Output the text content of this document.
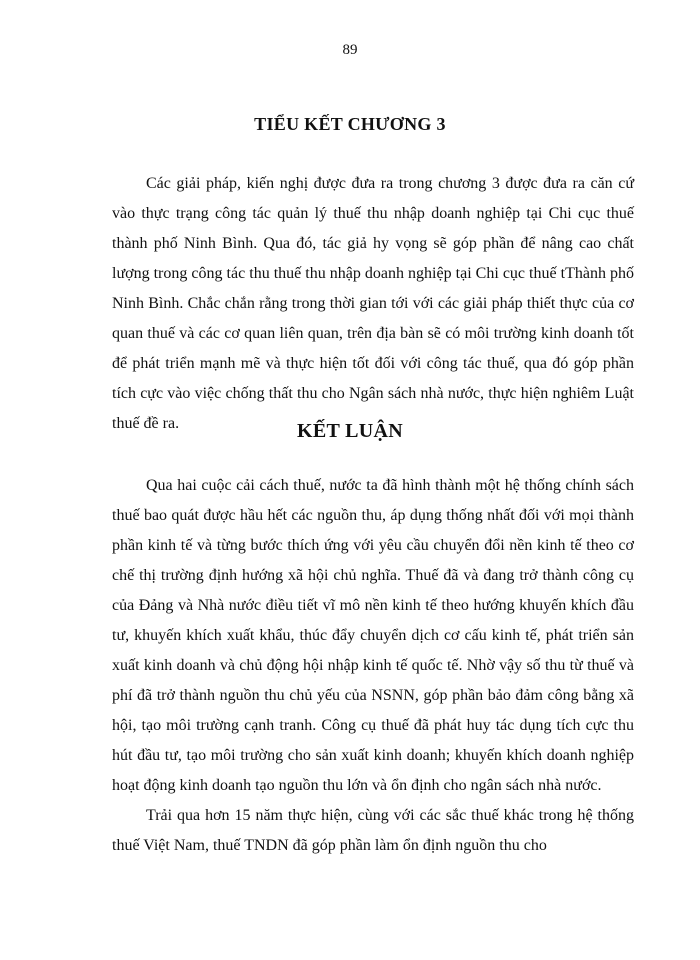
89
TIỂU KẾT CHƯƠNG 3

Các giải pháp, kiến nghị được đưa ra trong chương 3 được đưa ra căn cứ vào thực trạng công tác quản lý thuế thu nhập doanh nghiệp tại Chi cục thuế thành phố Ninh Bình. Qua đó, tác giả hy vọng sẽ góp phần để nâng cao chất lượng trong công tác thu thuế thu nhập doanh nghiệp tại Chi cục thuế tThành phố Ninh Bình. Chắc chắn rằng trong thời gian tới với các giải pháp thiết thực của cơ quan thuế và các cơ quan liên quan, trên địa bàn sẽ có môi trường kinh doanh tốt để phát triển mạnh mẽ và thực hiện tốt đối với công tác thuế, qua đó góp phần tích cực vào việc chống thất thu cho Ngân sách nhà nước, thực hiện nghiêm Luật thuế đề ra.	KẾT LUẬN

Qua hai cuộc cải cách thuế, nước ta đã hình thành một hệ thống chính sách thuế bao quát được hầu hết các nguồn thu, áp dụng thống nhất đối với mọi thành phần kinh tế và từng bước thích ứng với yêu cầu chuyển đổi nền kinh tế theo cơ chế thị trường định hướng xã hội chủ nghĩa. Thuế đã và đang trở thành công cụ của Đảng và Nhà nước điều tiết vĩ mô nền kinh tế theo hướng khuyến khích đầu tư, khuyến khích xuất khẩu, thúc đẩy chuyển dịch cơ cấu kinh tế, phát triển sản xuất kinh doanh và chủ động hội nhập kinh tế quốc tế. Nhờ vậy số thu từ thuế và phí đã trở thành nguồn thu chủ yếu của NSNN, góp phần bảo đảm công bằng xã hội, tạo môi trường cạnh tranh. Công cụ thuế đã phát huy tác dụng tích cực thu hút đầu tư, tạo môi trường cho sản xuất kinh doanh; khuyến khích doanh nghiệp hoạt động kinh doanh tạo nguồn thu lớn và ổn định cho ngân sách nhà nước.

Trải qua hơn 15 năm thực hiện, cùng với các sắc thuế khác trong hệ thống thuế Việt Nam, thuế TNDN đã góp phần làm ổn định nguồn thu cho
